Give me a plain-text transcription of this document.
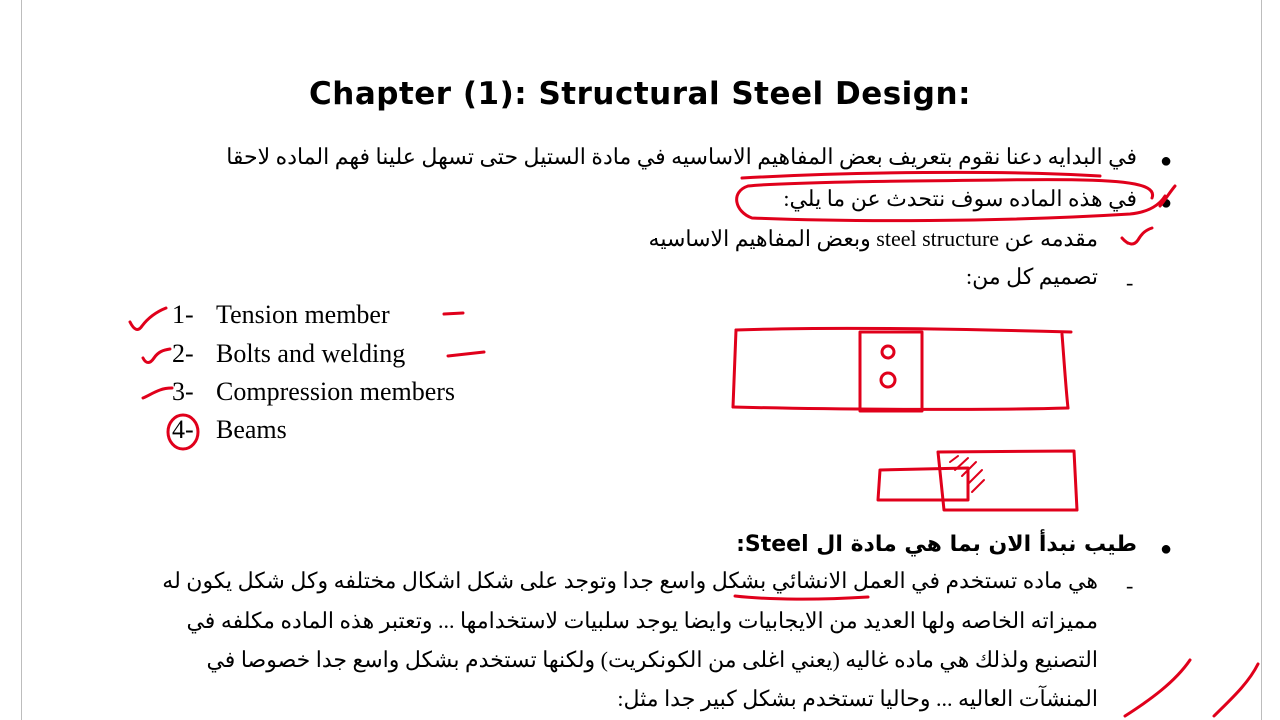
Chapter (1): Structural Steel Design:
●
في البدايه دعنا نقوم بتعريف بعض المفاهيم الاساسيه في مادة الستيل حتى تسهل علينا فهم الماده لاحقا
●
في هذه الماده سوف نتحدث عن ما يلي:
-
مقدمه عن steel structure وبعض المفاهيم الاساسيه
-
تصميم كل من:
1- Tension member
2- Bolts and welding
3- Compression members
4- Beams
●
طيب نبدأ الان بما هي مادة ال Steel:
-
هي ماده تستخدم في العمل الانشائي بشكل واسع جدا وتوجد على شكل اشكال مختلفه وكل شكل يكون له
مميزاته الخاصه ولها العديد من الايجابيات وايضا يوجد سلبيات لاستخدامها ... وتعتبر هذه الماده مكلفه في
التصنيع ولذلك هي ماده غاليه (يعني اغلى من الكونكريت) ولكنها تستخدم بشكل واسع جدا خصوصا في
المنشآت العاليه ... وحاليا تستخدم بشكل كبير جدا مثل:
